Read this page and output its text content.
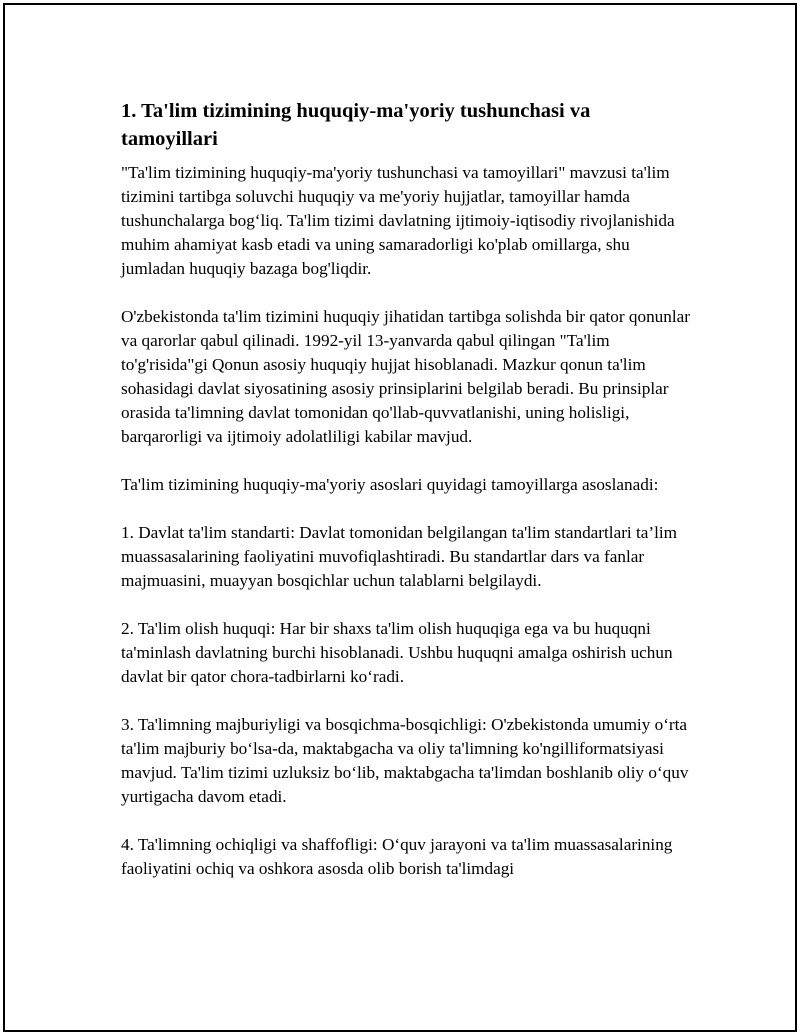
1. Ta'lim tizimining huquqiy-ma'yoriy tushunchasi va tamoyillari

"Ta'lim tizimining huquqiy-ma'yoriy tushunchasi va tamoyillari" mavzusi ta'lim tizimini tartibga soluvchi huquqiy va me'yoriy hujjatlar, tamoyillar hamda tushunchalarga bog‘liq. Ta'lim tizimi davlatning ijtimoiy-iqtisodiy rivojlanishida muhim ahamiyat kasb etadi va uning samaradorligi ko'plab omillarga, shu jumladan huquqiy bazaga bog'liqdir.

O'zbekistonda ta'lim tizimini huquqiy jihatidan tartibga solishda bir qator qonunlar va qarorlar qabul qilinadi. 1992-yil 13-yanvarda qabul qilingan "Ta'lim to'g'risida"gi Qonun asosiy huquqiy hujjat hisoblanadi. Mazkur qonun ta'lim sohasidagi davlat siyosatining asosiy prinsiplarini belgilab beradi. Bu prinsiplar orasida ta'limning davlat tomonidan qo'llab-quvvatlanishi, uning holisligi, barqarorligi va ijtimoiy adolatliligi kabilar mavjud.

Ta'lim tizimining huquqiy-ma'yoriy asoslari quyidagi tamoyillarga asoslanadi:

1. Davlat ta'lim standarti: Davlat tomonidan belgilangan ta'lim standartlari ta’lim muassasalarining faoliyatini muvofiqlashtiradi. Bu standartlar dars va fanlar majmuasini, muayyan bosqichlar uchun talablarni belgilaydi.

2. Ta'lim olish huquqi: Har bir shaxs ta'lim olish huquqiga ega va bu huquqni ta'minlash davlatning burchi hisoblanadi. Ushbu huquqni amalga oshirish uchun davlat bir qator chora-tadbirlarni ko‘radi.

3. Ta'limning majburiyligi va bosqichma-bosqichligi: O'zbekistonda umumiy o‘rta ta'lim majburiy bo‘lsa-da, maktabgacha va oliy ta'limning ko'ngilliformatsiyasi mavjud. Ta'lim tizimi uzluksiz bo‘lib, maktabgacha ta'limdan boshlanib oliy o‘quv yurtigacha davom etadi.

4. Ta'limning ochiqligi va shaffofligi: O‘quv jarayoni va ta'lim muassasalarining faoliyatini ochiq va oshkora asosda olib borish ta'limdagi
